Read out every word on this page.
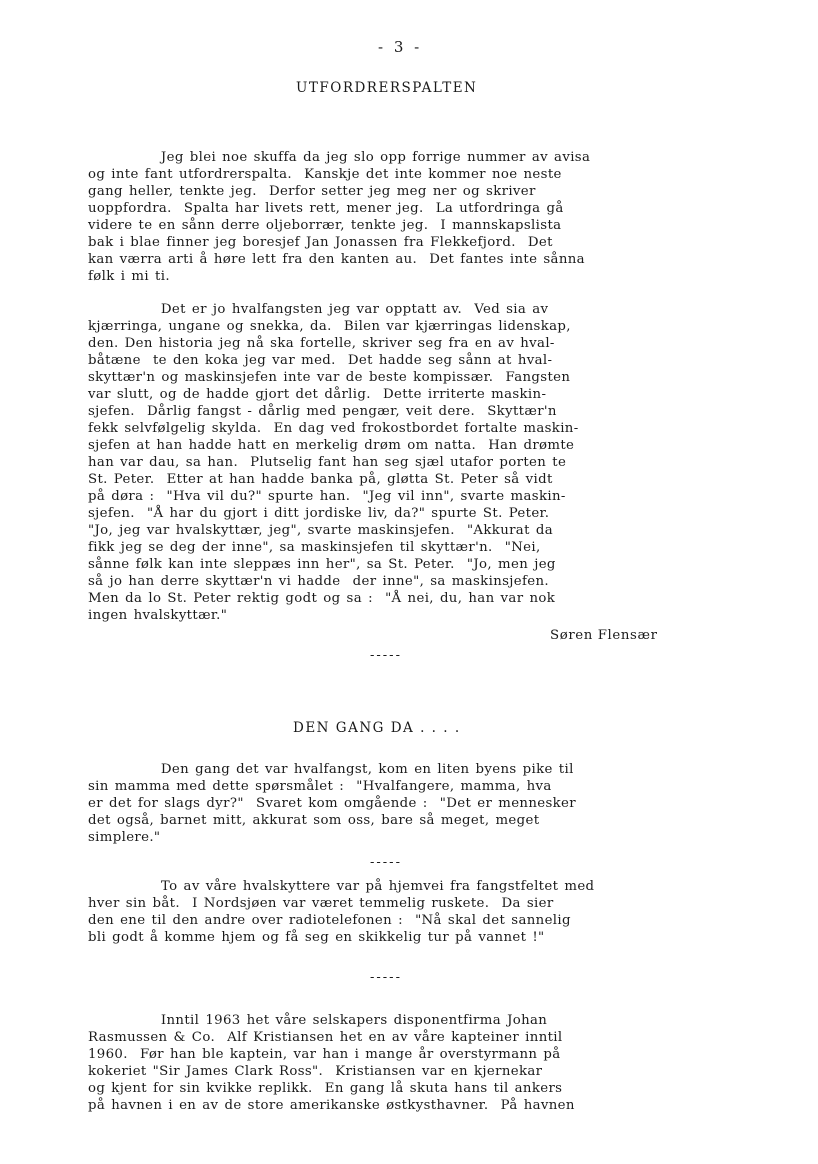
- 3 -
UTFORDRERSPALTEN
Jeg blei noe skuffa da jeg slo opp forrige nummer av avisa
og inte fant utfordrerspalta.  Kanskje det inte kommer noe neste
gang heller, tenkte jeg.  Derfor setter jeg meg ner og skriver
uoppfordra.  Spalta har livets rett, mener jeg.  La utfordringa gå
videre te en sånn derre oljeborrær, tenkte jeg.  I mannskapslista
bak i blae finner jeg boresjef Jan Jonassen fra Flekkefjord.  Det
kan værra arti å høre lett fra den kanten au.  Det fantes inte sånna
følk i mi ti.
Det er jo hvalfangsten jeg var opptatt av.  Ved sia av
kjærringa, ungane og snekka, da.  Bilen var kjærringas lidenskap,
den. Den historia jeg nå ska fortelle, skriver seg fra en av hval-
båtæne  te den koka jeg var med.  Det hadde seg sånn at hval-
skyttær'n og maskinsjefen inte var de beste kompissær.  Fangsten
var slutt, og de hadde gjort det dårlig.  Dette irriterte maskin-
sjefen.  Dårlig fangst - dårlig med pengær, veit dere.  Skyttær'n
fekk selvfølgelig skylda.  En dag ved frokostbordet fortalte maskin-
sjefen at han hadde hatt en merkelig drøm om natta.  Han drømte
han var dau, sa han.  Plutselig fant han seg sjæl utafor porten te
St. Peter.  Etter at han hadde banka på, gløtta St. Peter så vidt
på døra :  "Hva vil du?" spurte han.  "Jeg vil inn", svarte maskin-
sjefen.  "Å har du gjort i ditt jordiske liv, da?" spurte St. Peter.
"Jo, jeg var hvalskyttær, jeg", svarte maskinsjefen.  "Akkurat da
fikk jeg se deg der inne", sa maskinsjefen til skyttær'n.  "Nei,
sånne følk kan inte sleppæs inn her", sa St. Peter.  "Jo, men jeg
så jo han derre skyttær'n vi hadde  der inne", sa maskinsjefen.
Men da lo St. Peter rektig godt og sa :  "Å nei, du, han var nok
ingen hvalskyttær."
Søren Flensær
-----
DEN GANG DA . . . .
Den gang det var hvalfangst, kom en liten byens pike til
sin mamma med dette spørsmålet :  "Hvalfangere, mamma, hva
er det for slags dyr?"  Svaret kom omgående :  "Det er mennesker
det også, barnet mitt, akkurat som oss, bare så meget, meget
simplere."
-----
To av våre hvalskyttere var på hjemvei fra fangstfeltet med
hver sin båt.  I Nordsjøen var været temmelig ruskete.  Da sier
den ene til den andre over radiotelefonen :  "Nå skal det sannelig
bli godt å komme hjem og få seg en skikkelig tur på vannet !"
-----
Inntil 1963 het våre selskapers disponentfirma Johan
Rasmussen & Co.  Alf Kristiansen het en av våre kapteiner inntil
1960.  Før han ble kaptein, var han i mange år overstyrmann på
kokeriet "Sir James Clark Ross".  Kristiansen var en kjernekar
og kjent for sin kvikke replikk.  En gang lå skuta hans til ankers
på havnen i en av de store amerikanske østkysthavner.  På havnen
